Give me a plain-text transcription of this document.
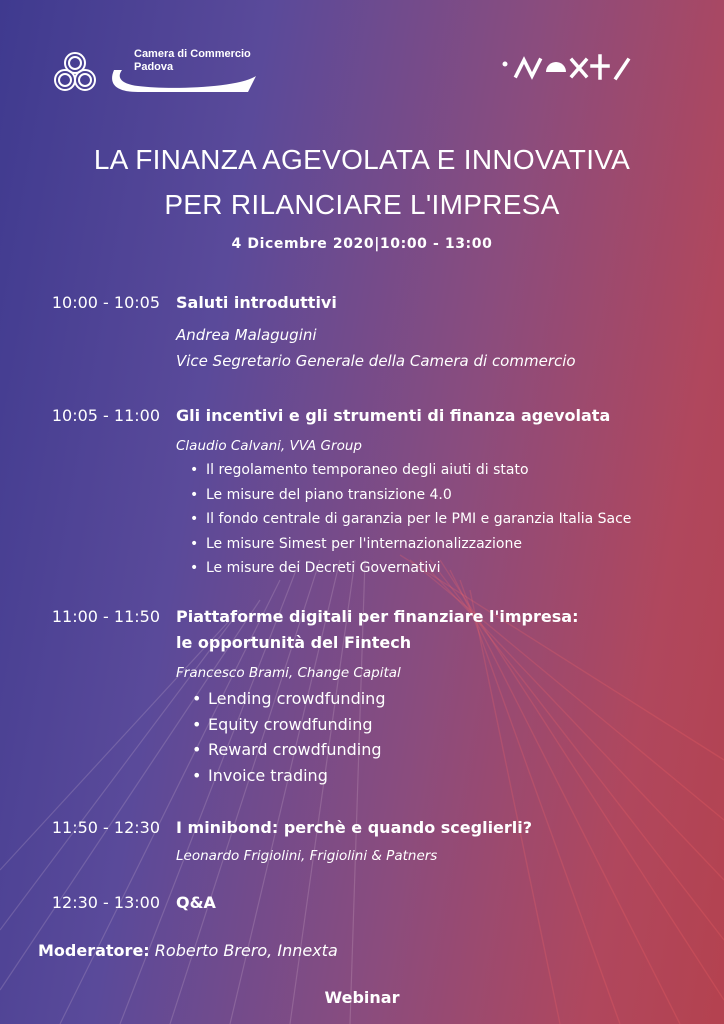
Camera di Commercio
Padova
LA FINANZA AGEVOLATA E INNOVATIVA
PER RILANCIARE L'IMPRESA
4 Dicembre 2020|10:00 - 13:00
10:00 - 10:05 Saluti introduttivi
Andrea Malagugini
Vice Segretario Generale della Camera di commercio
10:05 - 11:00 Gli incentivi e gli strumenti di finanza agevolata
Claudio Calvani, VVA Group
• Il regolamento temporaneo degli aiuti di stato
• Le misure del piano transizione 4.0
• Il fondo centrale di garanzia per le PMI e garanzia Italia Sace
• Le misure Simest per l'internazionalizzazione
• Le misure dei Decreti Governativi
11:00 - 11:50 Piattaforme digitali per finanziare l'impresa:
le opportunità del Fintech
Francesco Brami, Change Capital
• Lending crowdfunding
• Equity crowdfunding
• Reward crowdfunding
• Invoice trading
11:50 - 12:30 I minibond: perchè e quando sceglierli?
Leonardo Frigiolini, Frigiolini & Patners
12:30 - 13:00 Q&A
Moderatore: Roberto Brero, Innexta
Webinar
